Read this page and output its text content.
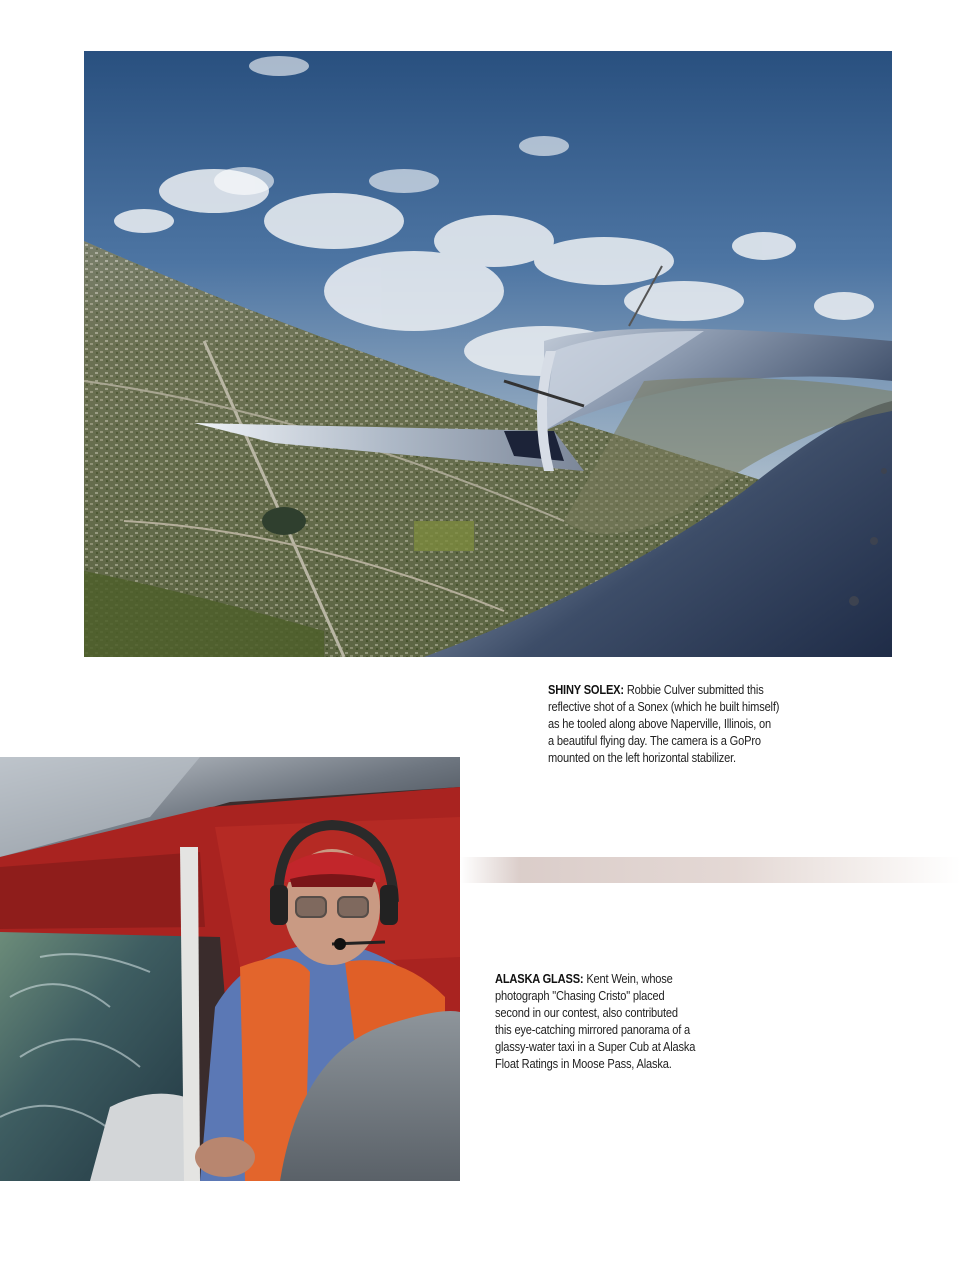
SHINY SOLEX: Robbie Culver submitted this
reflective shot of a Sonex (which he built himself)
as he tooled along above Naperville, Illinois, on
a beautiful flying day. The camera is a GoPro
mounted on the left horizontal stabilizer.
ALASKA GLASS: Kent Wein, whose
photograph "Chasing Cristo" placed
second in our contest, also contributed
this eye-catching mirrored panorama of a
glassy-water taxi in a Super Cub at Alaska
Float Ratings in Moose Pass, Alaska.
